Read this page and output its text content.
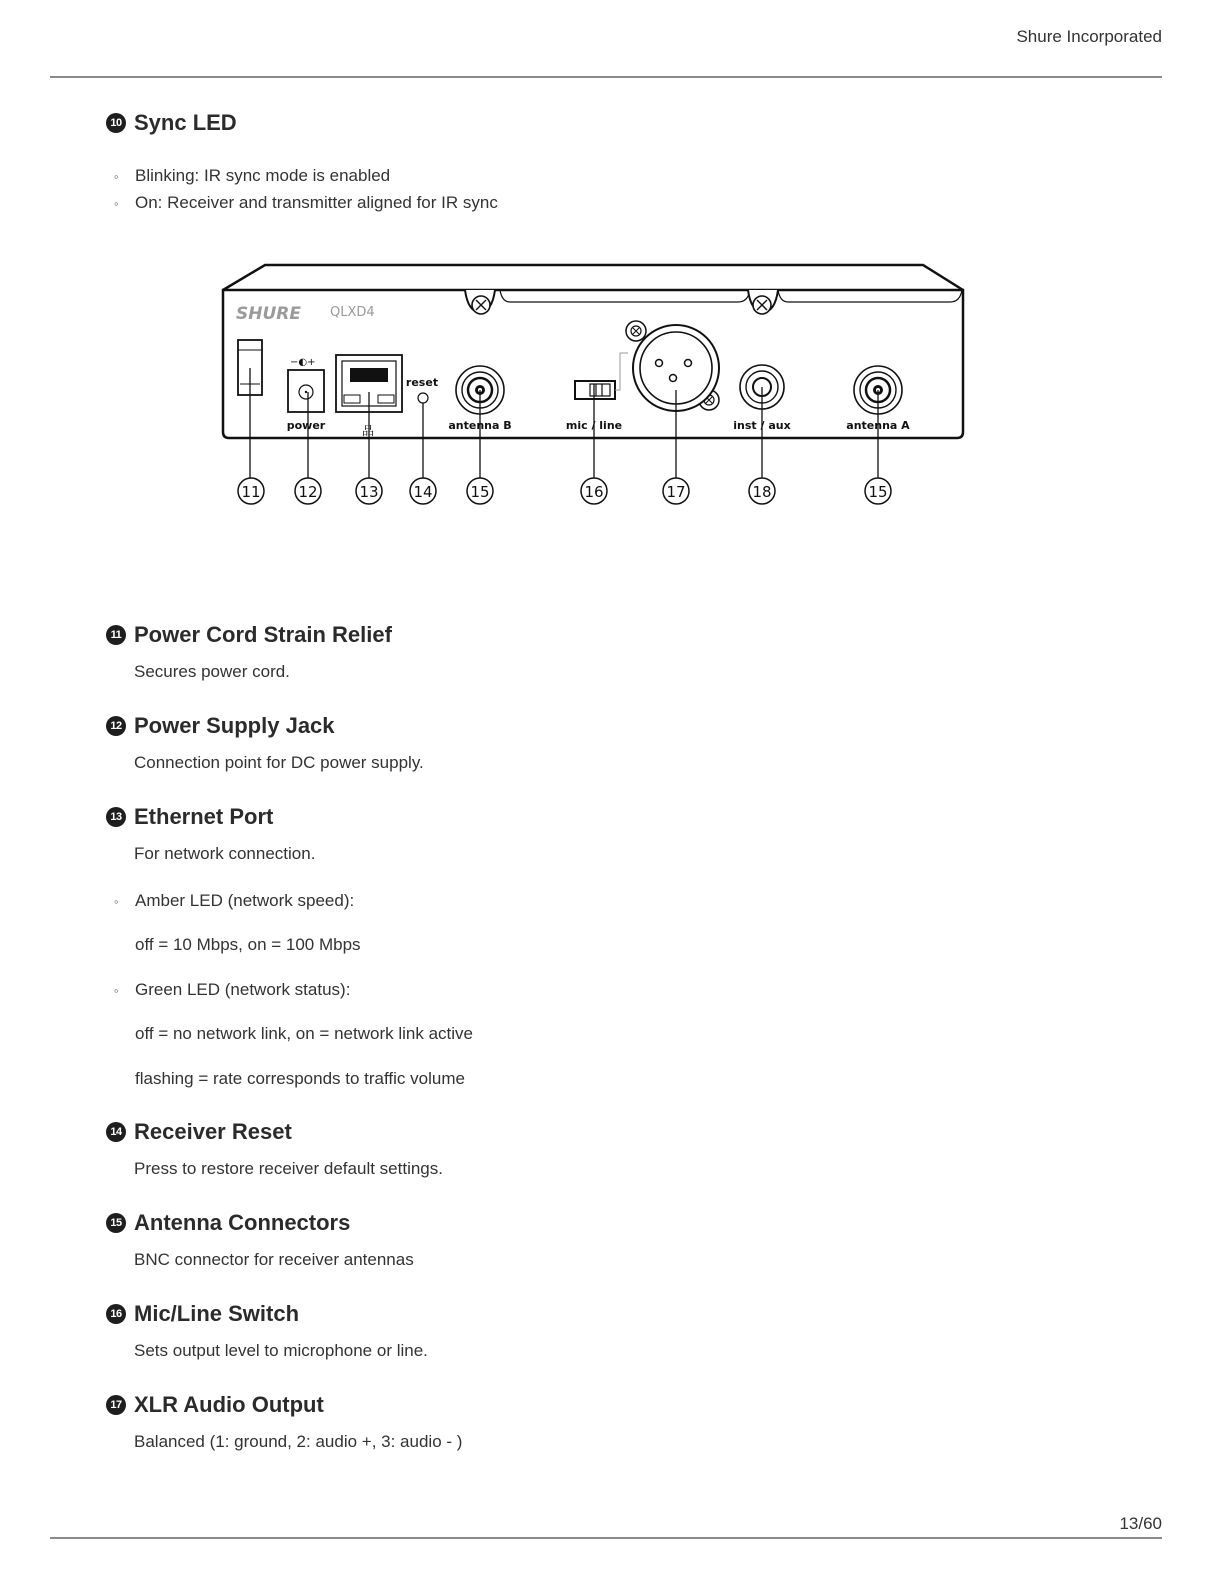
Shure Incorporated
10 Sync LED
◦ Blinking: IR sync mode is enabled
◦ On: Receiver and transmitter aligned for IR sync
SHURE QLXD4
−◐+
power	品
reset
antenna B	mic / line	inst / aux	antenna A
11	12	13 14	15	16	17	18	15
11 Power Cord Strain Relief
Secures power cord.
12 Power Supply Jack
Connection point for DC power supply.
13 Ethernet Port
For network connection.
◦ Amber LED (network speed):
off = 10 Mbps, on = 100 Mbps
◦ Green LED (network status):
off = no network link, on = network link active
flashing = rate corresponds to traffic volume
14 Receiver Reset
Press to restore receiver default settings.
15 Antenna Connectors
BNC connector for receiver antennas
16 Mic/Line Switch
Sets output level to microphone or line.
17 XLR Audio Output
Balanced (1: ground, 2: audio +, 3: audio - )
13/60
